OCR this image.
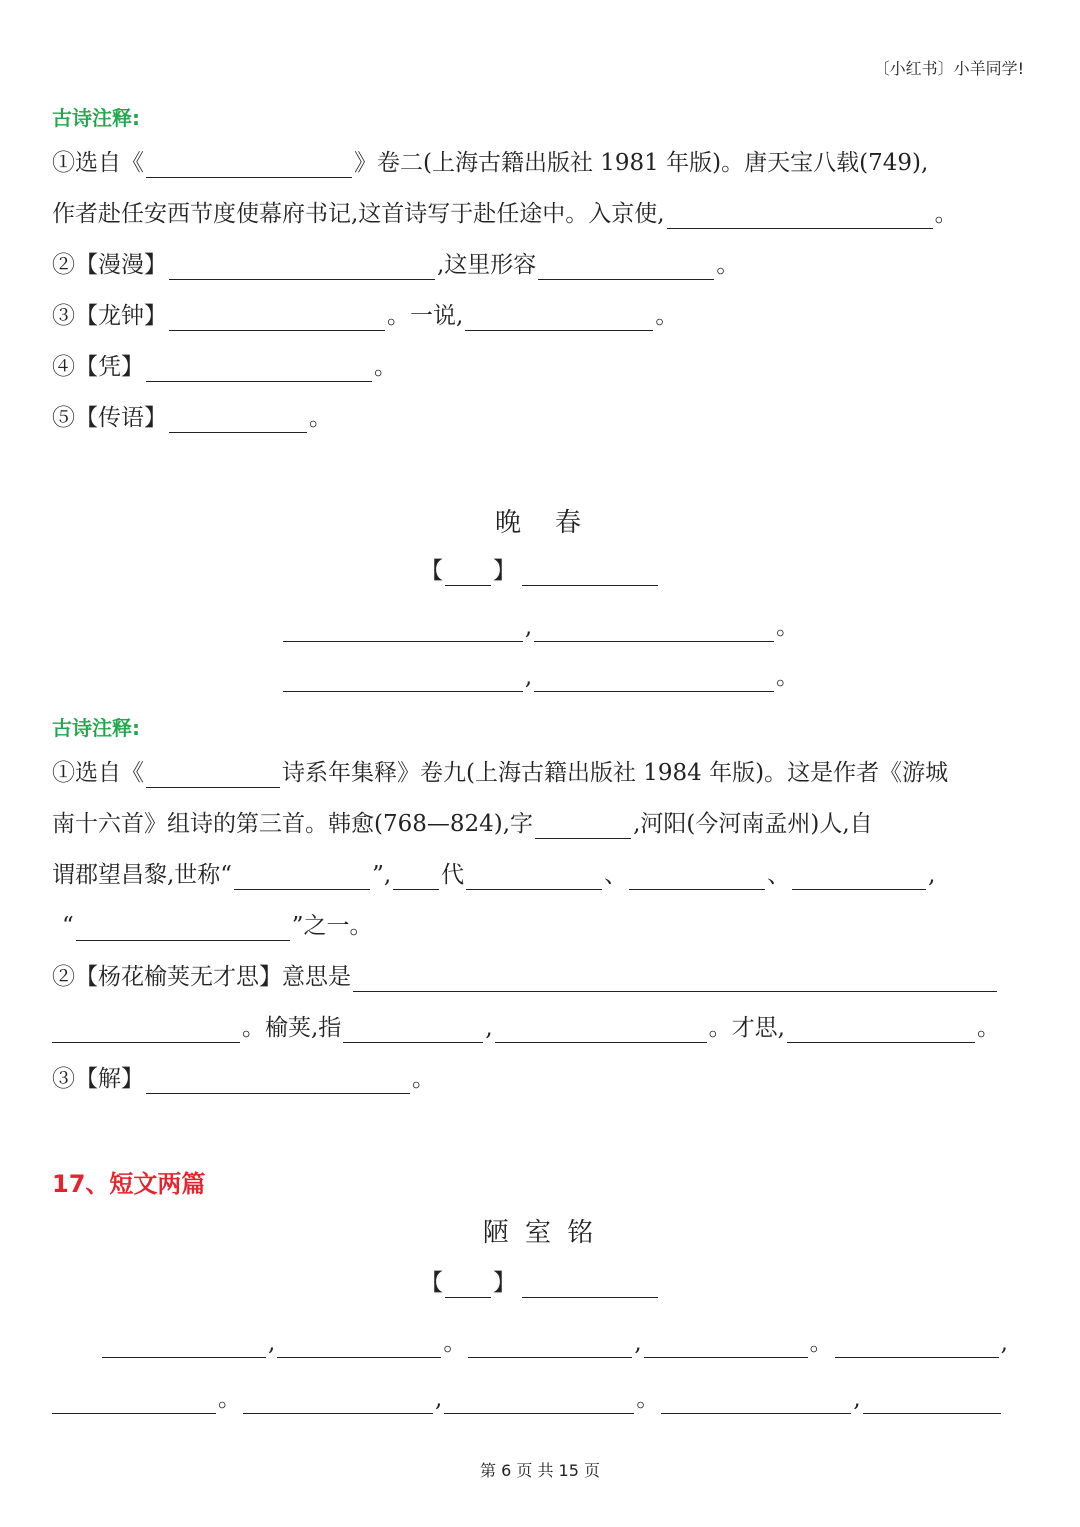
〔小红书〕小羊同学!
古诗注释:
①选自《	》卷二(上海古籍出版社 1981 年版)。唐天宝八载(749),
作者赴任安西节度使幕府书记,这首诗写于赴任途中。入京使,	。
②【漫漫】	,这里形容	。
③【龙钟】	。一说,	。
④【凭】	。
⑤【传语】	。
晚　春
【 】
,	。
,	。
古诗注释:
①选自《	诗系年集释》卷九(上海古籍出版社 1984 年版)。这是作者《游城
南十六首》组诗的第三首。韩愈(768—824),字	,河阳(今河南孟州)人,自
谓郡望昌黎,世称“	”, 代	、	、	,
“	”之一。
②【杨花榆荚无才思】意思是
。榆荚,指	,	。才思,	。
③【解】	。
17、短文两篇
陋 室 铭
【 】
,	。	,	。	,
。	,	。	,
第 6 页 共 15 页
